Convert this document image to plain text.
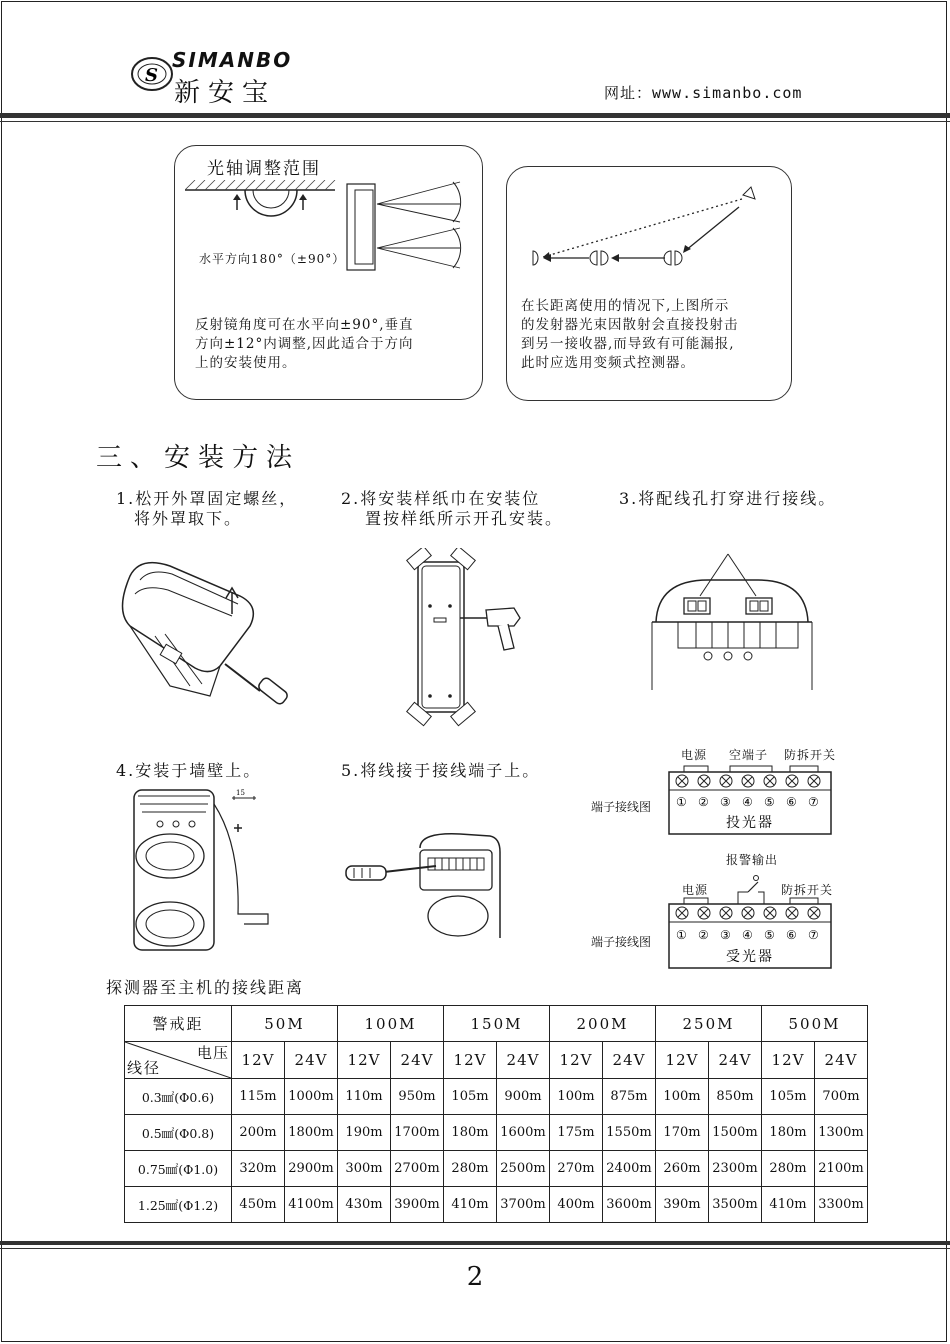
S
SIMANBO
新安宝	网址：www.simanbo.com
光轴调整范围
水平方向180°（±90°）
反射镜角度可在水平向±90°,垂直
方向±12°内调整,因此适合于方向
上的安装使用。
在长距离使用的情况下,上图所示
的发射器光束因散射会直接投射击
到另一接收器,而导致有可能漏报,
此时应选用变频式控测器。
三、安装方法
1.松开外罩固定螺丝，
将外罩取下。
2.将安装样纸巾在安装位
置按样纸所示开孔安装。
3.将配线孔打穿进行接线。
4.安装于墙壁上。	5.将线接于接线端子上。
15
电源 空端子 防拆开关
端子接线图 ① ② ③ ④ ⑤ ⑥ ⑦
投光器
报警输出
电源	防拆开关
端子接线图 ① ② ③ ④ ⑤ ⑥ ⑦
受光器
探测器至主机的接线距离
警戒距	50M		100M		150M		200M		250M		500M	

电压
线径	12V	24V	12V	24V	12V	24V	12V	24V	12V	24V	12V	24V
0.3㎟(Φ0.6)	115m	1000m	110m	950m	105m	900m	100m	875m	100m	850m	105m	700m
0.5㎟(Φ0.8)	200m	1800m	190m	1700m	180m	1600m	175m	1550m	170m	1500m	180m	1300m
0.75㎟(Φ1.0)	320m	2900m	300m	2700m	280m	2500m	270m	2400m	260m	2300m	280m	2100m
1.25㎟(Φ1.2)	450m	4100m	430m	3900m	410m	3700m	400m	3600m	390m	3500m	410m	3300m
2
